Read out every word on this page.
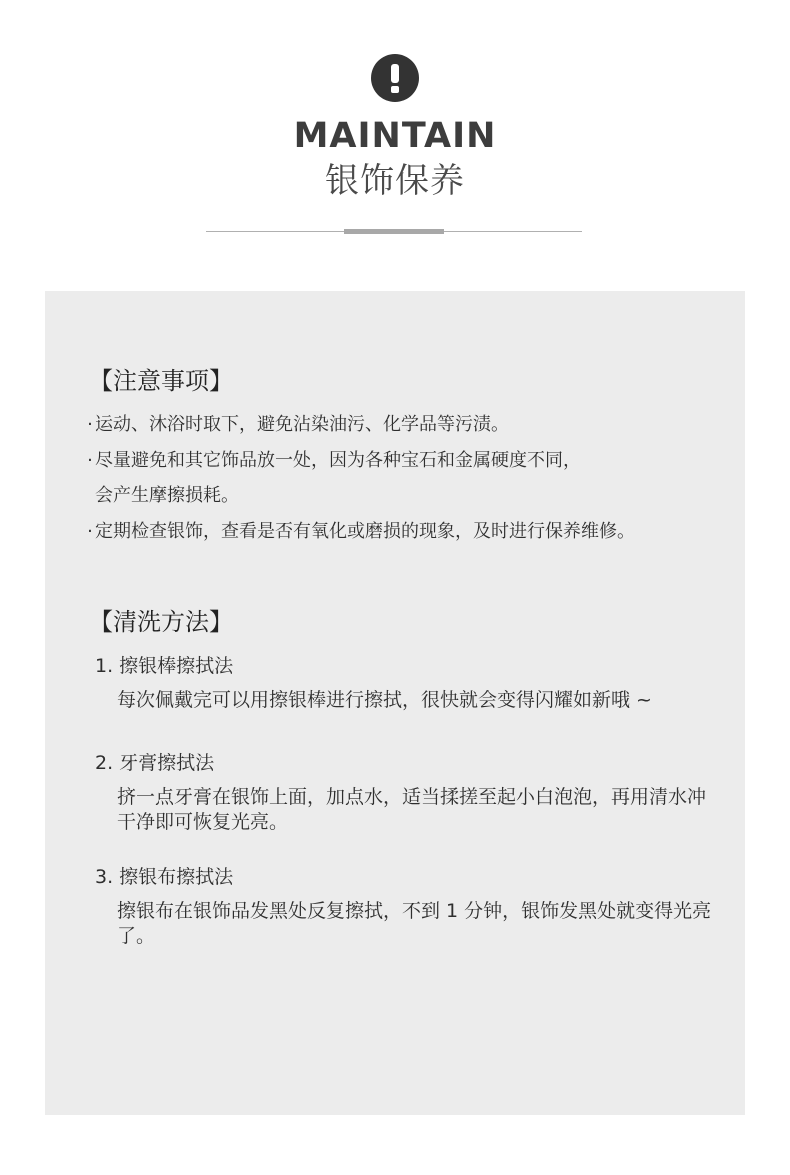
MAINTAIN
银饰保养
【注意事项】
· 运动、沐浴时取下，避免沾染油污、化学品等污渍。
· 尽量避免和其它饰品放一处，因为各种宝石和金属硬度不同，
会产生摩擦损耗。
· 定期检查银饰，查看是否有氧化或磨损的现象，及时进行保养维修。
【清洗方法】
1. 擦银棒擦拭法
每次佩戴完可以用擦银棒进行擦拭，很快就会变得闪耀如新哦 ~
2. 牙膏擦拭法
挤一点牙膏在银饰上面，加点水，适当揉搓至起小白泡泡，再用清水冲干净即可恢复光亮。
3. 擦银布擦拭法
擦银布在银饰品发黑处反复擦拭，不到 1 分钟，银饰发黑处就变得光亮了。
